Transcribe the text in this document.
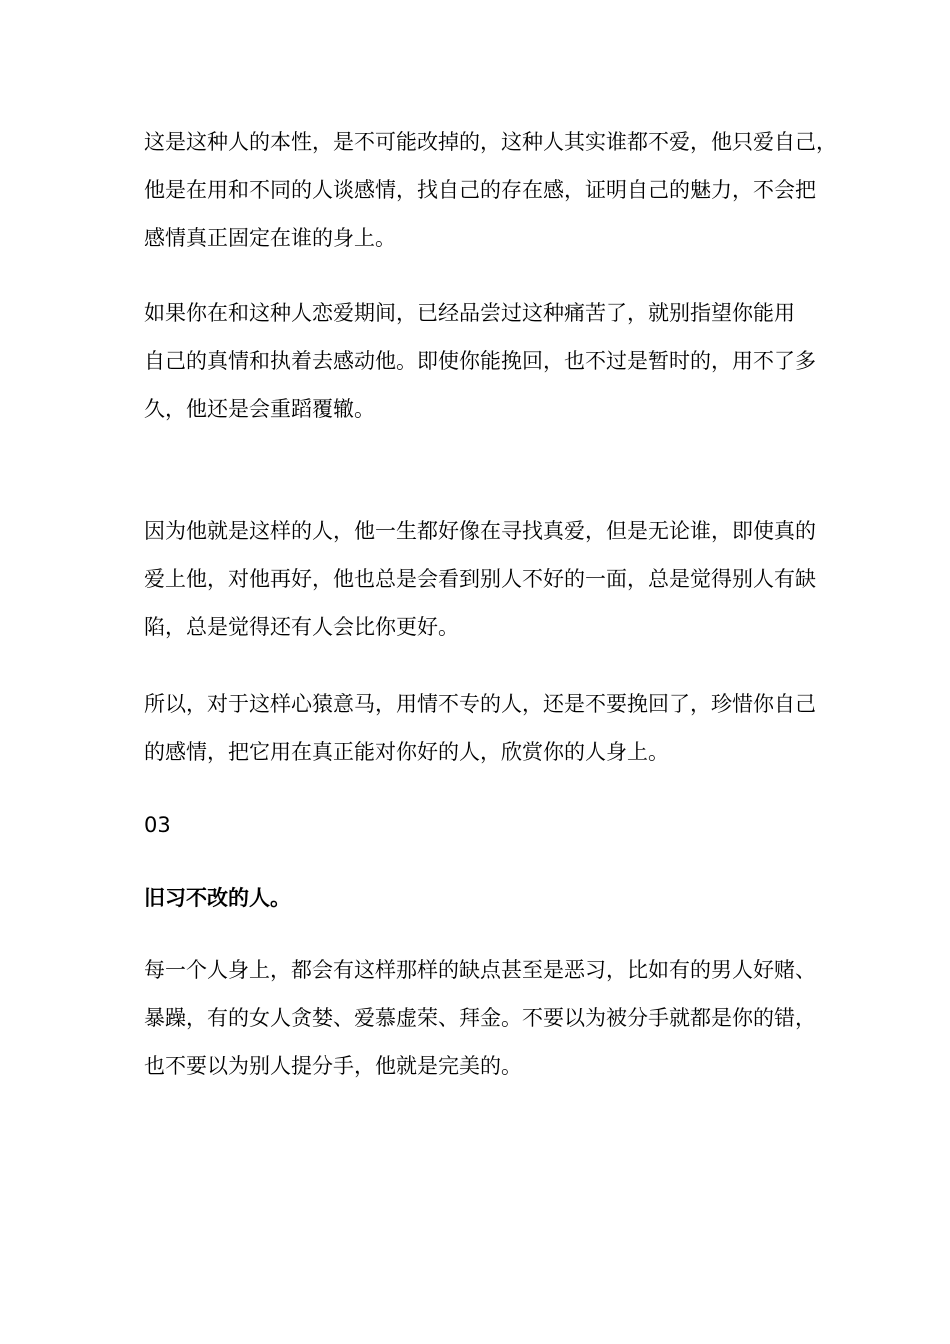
这是这种人的本性，是不可能改掉的，这种人其实谁都不爱，他只爱自己，
他是在用和不同的人谈感情，找自己的存在感，证明自己的魅力，不会把
感情真正固定在谁的身上。

如果你在和这种人恋爱期间，已经品尝过这种痛苦了，就别指望你能用
自己的真情和执着去感动他。即使你能挽回，也不过是暂时的，用不了多
久，他还是会重蹈覆辙。

因为他就是这样的人，他一生都好像在寻找真爱，但是无论谁，即使真的
爱上他，对他再好，他也总是会看到别人不好的一面，总是觉得别人有缺
陷，总是觉得还有人会比你更好。

所以，对于这样心猿意马，用情不专的人，还是不要挽回了，珍惜你自己
的感情，把它用在真正能对你好的人，欣赏你的人身上。

03

旧习不改的人。

每一个人身上，都会有这样那样的缺点甚至是恶习，比如有的男人好赌、
暴躁，有的女人贪婪、爱慕虚荣、拜金。不要以为被分手就都是你的错，
也不要以为别人提分手，他就是完美的。
